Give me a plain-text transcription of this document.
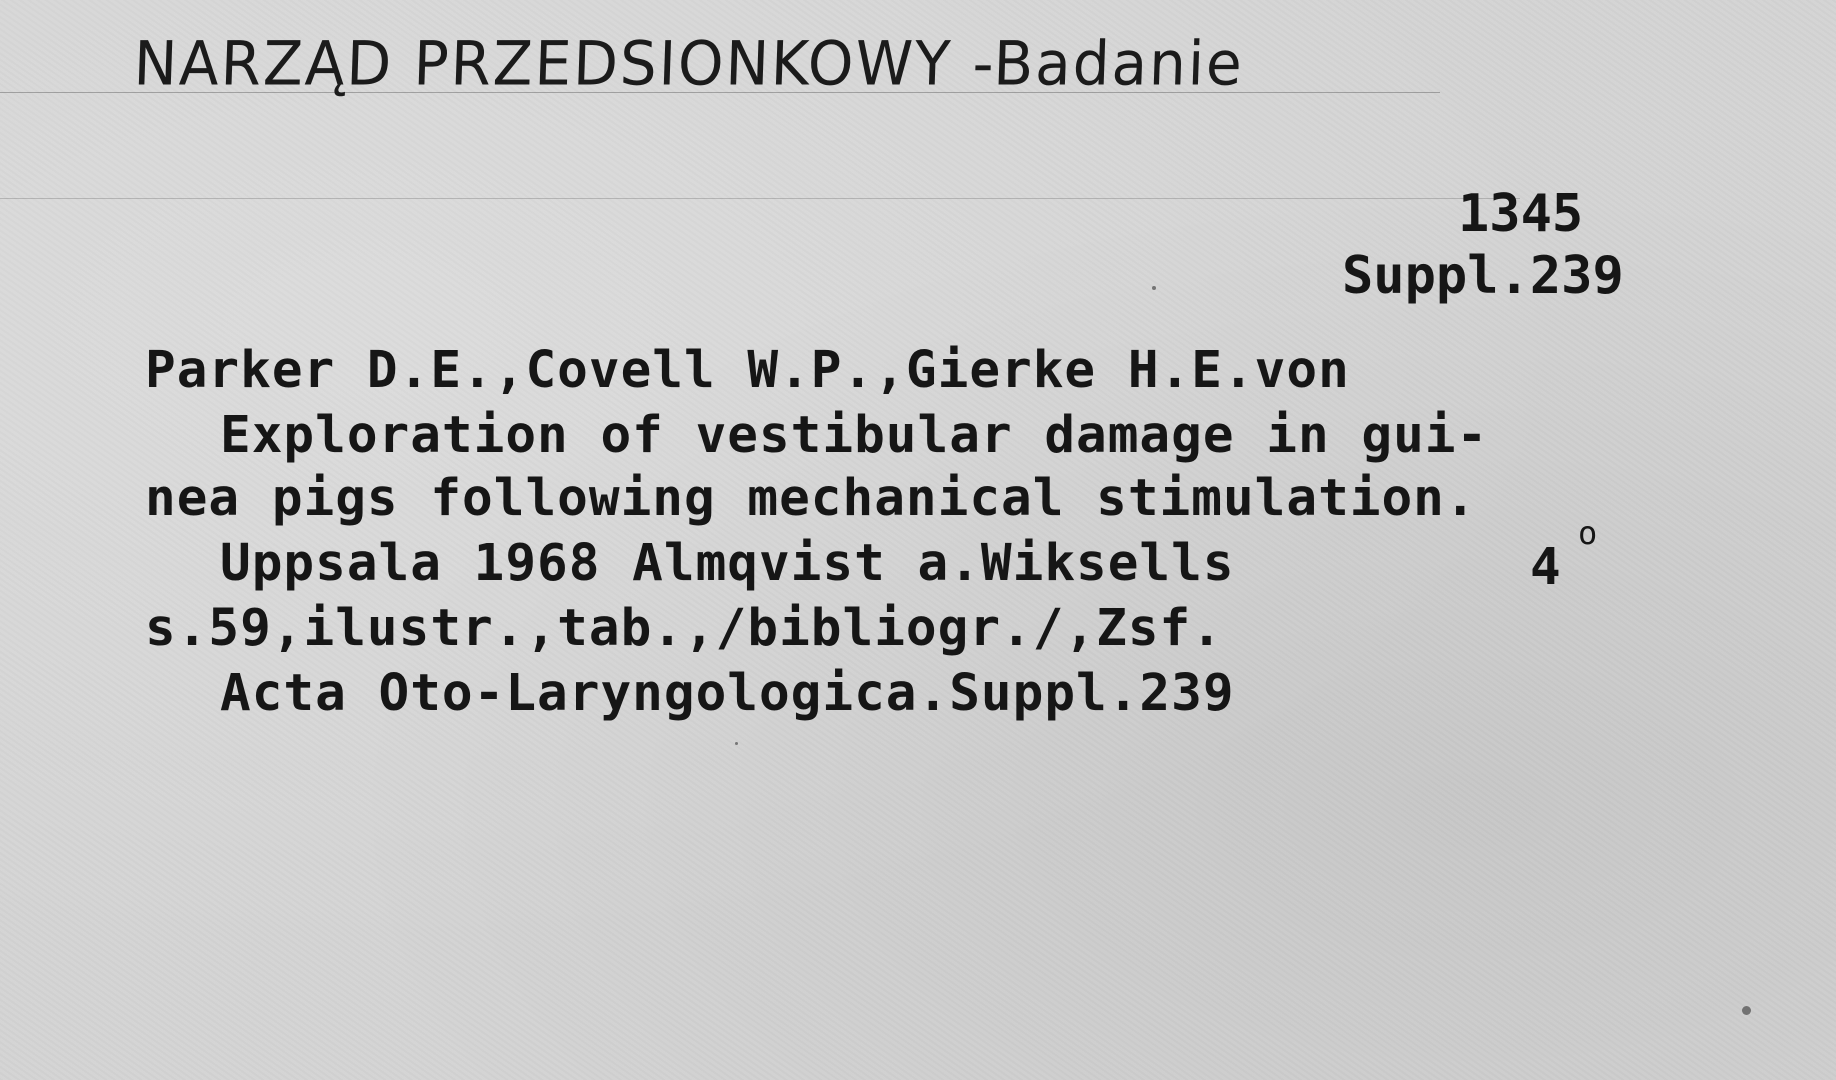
NARZĄD PRZEDSIONKOWY -Badanie
1345
Suppl.239
Parker D.E.,Covell W.P.,Gierke H.E.von
Exploration of vestibular damage in gui-
nea pigs following mechanical stimulation.
Uppsala 1968 Almqvist a.Wiksells
s.59,ilustr.,tab.,/bibliogr./,Zsf.
Acta Oto-Laryngologica.Suppl.239
4
o
